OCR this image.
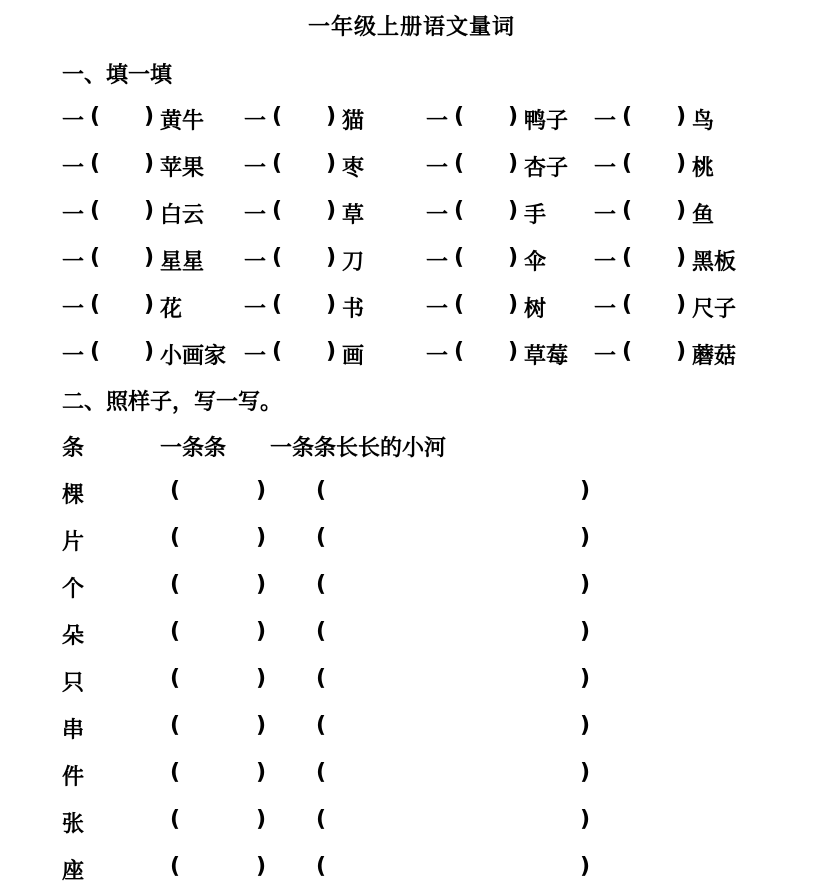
一年级上册语文量词
一、填一填
一 ( ) 黄牛 一 ( ) 猫	一 ( ) 鸭子 一 ( ) 鸟
一 ( ) 苹果 一 ( ) 枣	一 ( ) 杏子 一 ( ) 桃
一 ( ) 白云 一 ( ) 草	一 ( ) 手 一 ( ) 鱼
一 ( ) 星星 一 ( ) 刀	一 ( ) 伞 一 ( ) 黑板
一 ( ) 花	一 ( ) 书	一 ( ) 树 一 ( ) 尺子
一 ( ) 小画家 一 ( ) 画	一 ( ) 草莓 一 ( ) 蘑菇
二、照样子，写一写。
条	一条条 一条条长长的小河
棵	(	) (	)
片	(	) (	)
个	(	) (	)
朵	(	) (	)
只	(	) (	)
串	(	) (	)
件	(	) (	)
张	(	) (	)
座	(	) (	)
